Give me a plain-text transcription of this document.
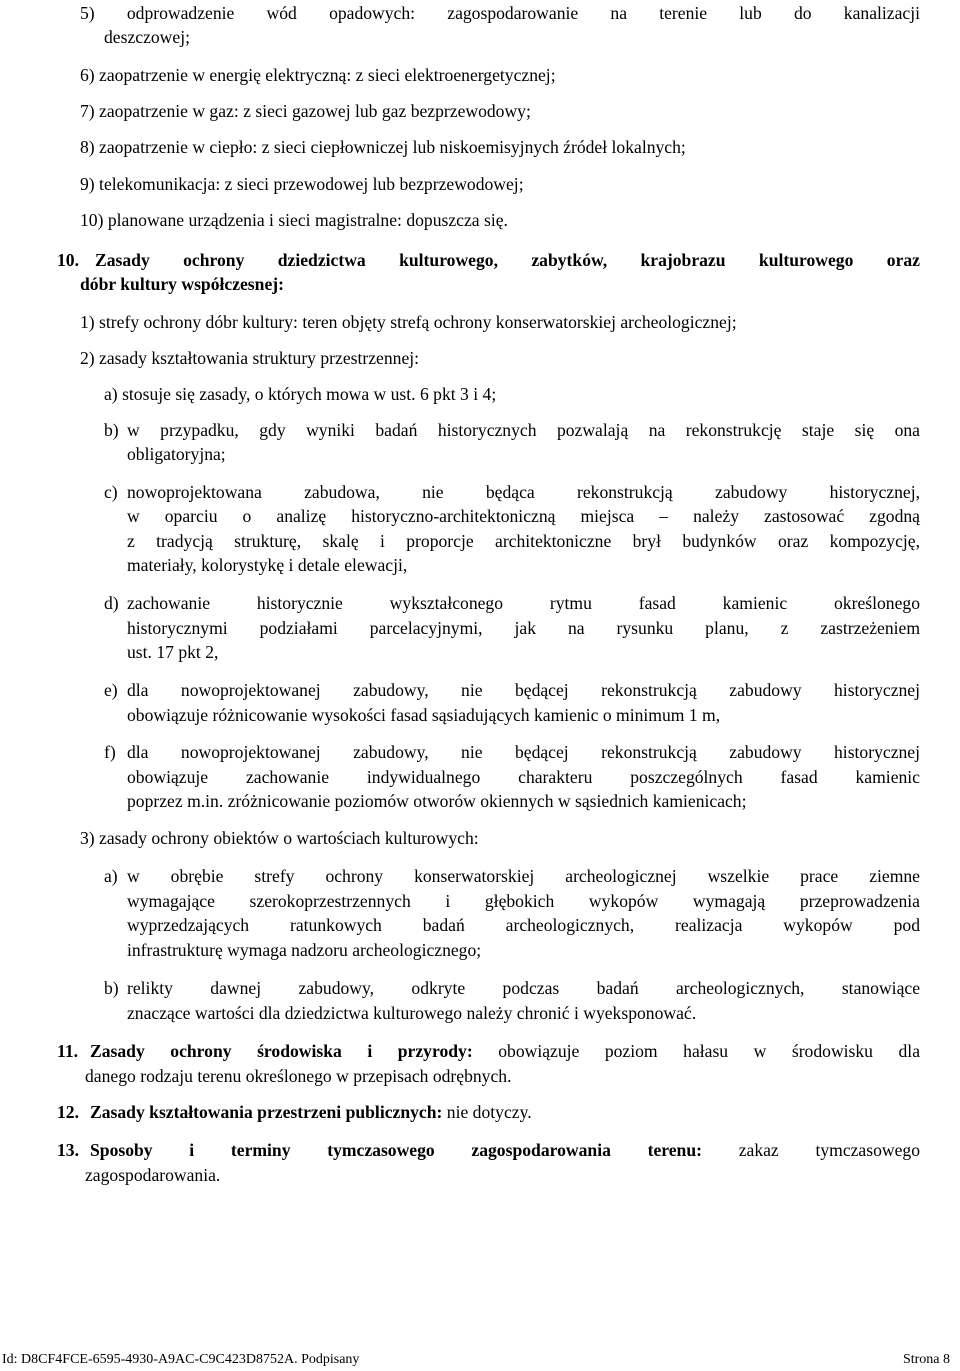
5) odprowadzenie wód opadowych: zagospodarowanie na terenie lub do kanalizacji
deszczowej;
6) zaopatrzenie w energię elektryczną: z sieci elektroenergetycznej;
7) zaopatrzenie w gaz: z sieci gazowej lub gaz bezprzewodowy;
8) zaopatrzenie w ciepło: z sieci ciepłowniczej lub niskoemisyjnych źródeł lokalnych;
9) telekomunikacja: z sieci przewodowej lub bezprzewodowej;
10) planowane urządzenia i sieci magistralne: dopuszcza się.
10. Zasady ochrony dziedzictwa kulturowego, zabytków, krajobrazu kulturowego oraz
dóbr kultury współczesnej:
1) strefy ochrony dóbr kultury: teren objęty strefą ochrony konserwatorskiej archeologicznej;
2) zasady kształtowania struktury przestrzennej:
a) stosuje się zasady, o których mowa w ust. 6 pkt 3 i 4;
b) w przypadku, gdy wyniki badań historycznych pozwalają na rekonstrukcję staje się ona
obligatoryjna;
c) nowoprojektowana zabudowa, nie będąca rekonstrukcją zabudowy historycznej,
w oparciu o analizę historyczno-architektoniczną miejsca – należy zastosować zgodną
z tradycją strukturę, skalę i proporcje architektoniczne brył budynków oraz kompozycję,
materiały, kolorystykę i detale elewacji,
d) zachowanie historycznie wykształconego rytmu fasad kamienic określonego
historycznymi podziałami parcelacyjnymi, jak na rysunku planu, z zastrzeżeniem
ust. 17 pkt 2,
e) dla nowoprojektowanej zabudowy, nie będącej rekonstrukcją zabudowy historycznej
obowiązuje różnicowanie wysokości fasad sąsiadujących kamienic o minimum 1 m,
f) dla nowoprojektowanej zabudowy, nie będącej rekonstrukcją zabudowy historycznej
obowiązuje zachowanie indywidualnego charakteru poszczególnych fasad kamienic
poprzez m.in. zróżnicowanie poziomów otworów okiennych w sąsiednich kamienicach;
3) zasady ochrony obiektów o wartościach kulturowych:
a) w obrębie strefy ochrony konserwatorskiej archeologicznej wszelkie prace ziemne
wymagające szerokoprzestrzennych i głębokich wykopów wymagają przeprowadzenia
wyprzedzających ratunkowych badań archeologicznych, realizacja wykopów pod
infrastrukturę wymaga nadzoru archeologicznego;
b) relikty dawnej zabudowy, odkryte podczas badań archeologicznych, stanowiące
znaczące wartości dla dziedzictwa kulturowego należy chronić i wyeksponować.
11. Zasady ochrony środowiska i przyrody: obowiązuje poziom hałasu w środowisku dla
danego rodzaju terenu określonego w przepisach odrębnych.
12. Zasady kształtowania przestrzeni publicznych: nie dotyczy.
13. Sposoby i terminy tymczasowego zagospodarowania terenu: zakaz tymczasowego
zagospodarowania.
Id: D8CF4FCE-6595-4930-A9AC-C9C423D8752A. Podpisany	Strona 8
